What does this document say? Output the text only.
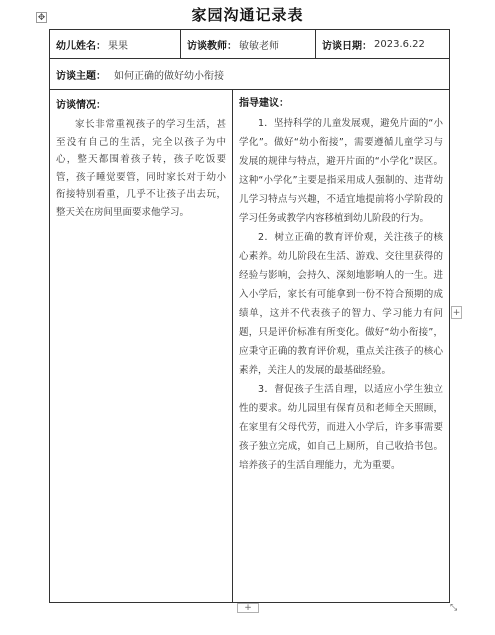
✥	家园沟通记录表
幼儿姓名： 果果	访谈教师： 敏敏老师	访谈日期： 2023.6.22
访谈主题： 如何正确的做好幼小衔接
访谈情况：

家长非常重视孩子的学习生活，甚至没有自己的生活，完全以孩子为中心，整天都围着孩子转，孩子吃饭要管，孩子睡觉要管，同时家长对于幼小衔接特别看重，几乎不让孩子出去玩，整天关在房间里面要求他学习。

指导建议：

1．坚持科学的儿童发展观，避免片面的“小学化”。做好“幼小衔接”，需要遵循儿童学习与发展的规律与特点，避开片面的“小学化”误区。这种“小学化”主要是指采用成人强制的、违背幼儿学习特点与兴趣，不适宜地提前将小学阶段的学习任务或教学内容移植到幼儿阶段的行为。

2．树立正确的教育评价观，关注孩子的核心素养。幼儿阶段在生活、游戏、交往里获得的经验与影响，会持久、深刻地影响人的一生。进入小学后，家长有可能拿到一份不符合预期的成绩单，这并不代表孩子的智力、学习能力有问题，只是评价标准有所变化。做好“幼小衔接”，应秉守正确的教育评价观，重点关注孩子的核心素养，关注人的发展的最基础经验。

3．督促孩子生活自理，以适应小学生独立性的要求。幼儿园里有保育员和老师全天照顾，在家里有父母代劳，而进入小学后，许多事需要孩子独立完成，如自己上厕所，自己收拾书包。培养孩子的生活自理能力，尤为重要。

+
+	⤡
